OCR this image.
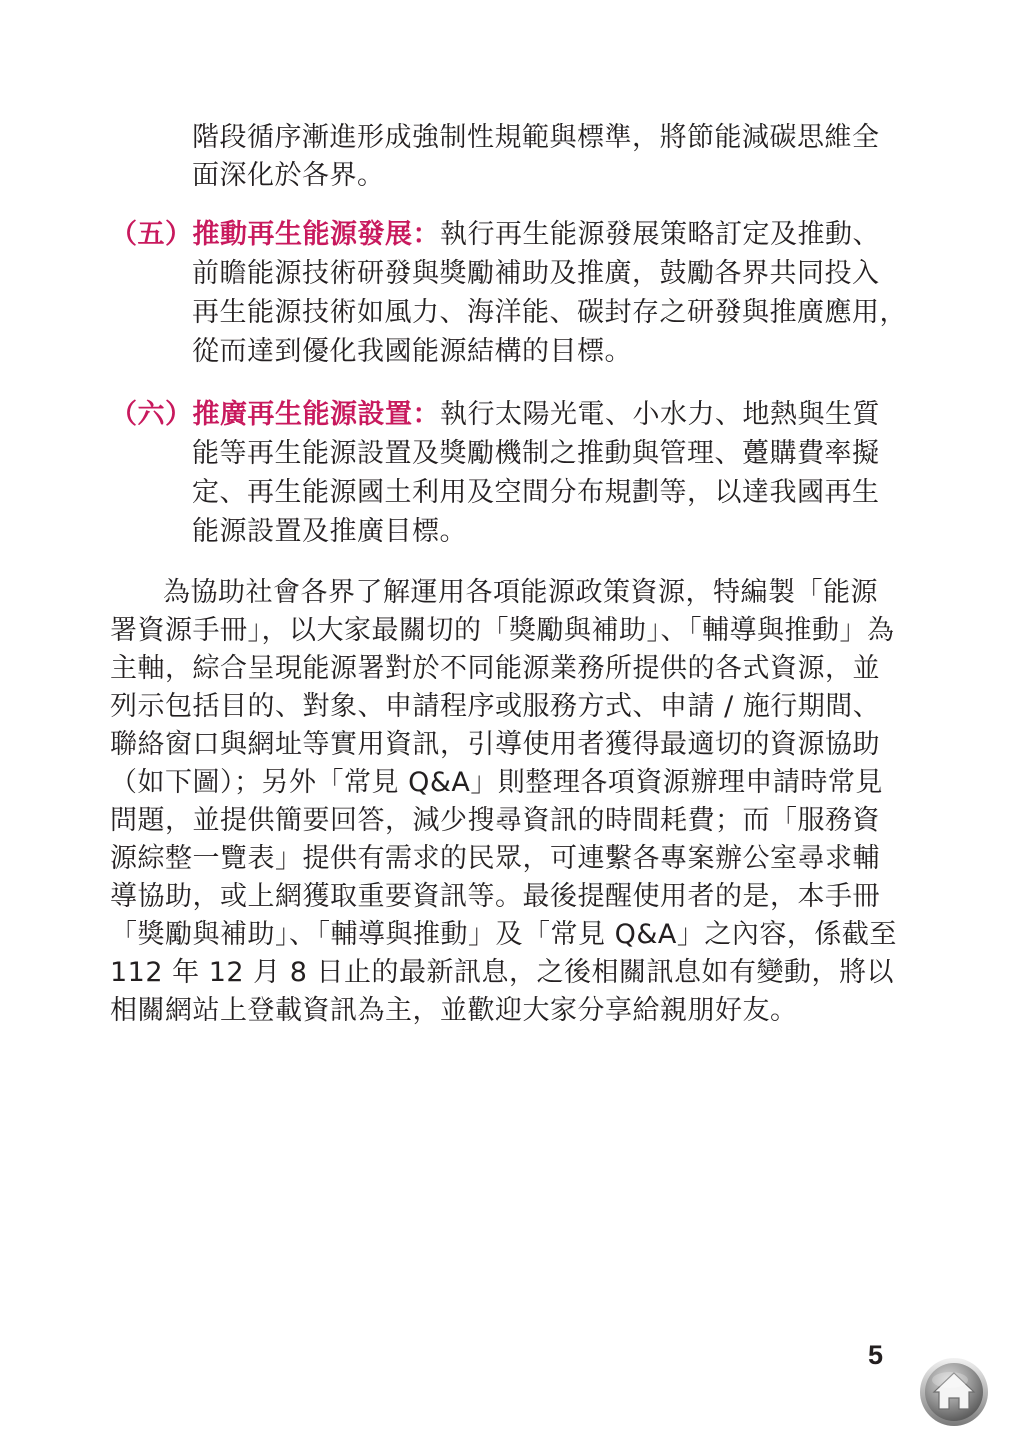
階段循序漸進形成強制性規範與標準，將節能減碳思維全
面深化於各界。
（五）推動再生能源發展：執行再生能源發展策略訂定及推動、
前瞻能源技術研發與獎勵補助及推廣，鼓勵各界共同投入
再生能源技術如風力、海洋能、碳封存之研發與推廣應用，
從而達到優化我國能源結構的目標。
（六）推廣再生能源設置：執行太陽光電、小水力、地熱與生質
能等再生能源設置及獎勵機制之推動與管理、躉購費率擬
定、再生能源國土利用及空間分布規劃等，以達我國再生
能源設置及推廣目標。
為協助社會各界了解運用各項能源政策資源，特編製「能源
署資源手冊」，以大家最關切的「獎勵與補助」、「輔導與推動」為
主軸，綜合呈現能源署對於不同能源業務所提供的各式資源，並
列示包括目的、對象、申請程序或服務方式、申請 / 施行期間、
聯絡窗口與網址等實用資訊，引導使用者獲得最適切的資源協助
（如下圖）；另外「常見 Q&A」則整理各項資源辦理申請時常見
問題，並提供簡要回答，減少搜尋資訊的時間耗費；而「服務資
源綜整一覽表」提供有需求的民眾，可連繫各專案辦公室尋求輔
導協助，或上網獲取重要資訊等。最後提醒使用者的是，本手冊
「獎勵與補助」、「輔導與推動」及「常見 Q&A」之內容，係截至
112 年 12 月 8 日止的最新訊息，之後相關訊息如有變動，將以
相關網站上登載資訊為主，並歡迎大家分享給親朋好友。
5
